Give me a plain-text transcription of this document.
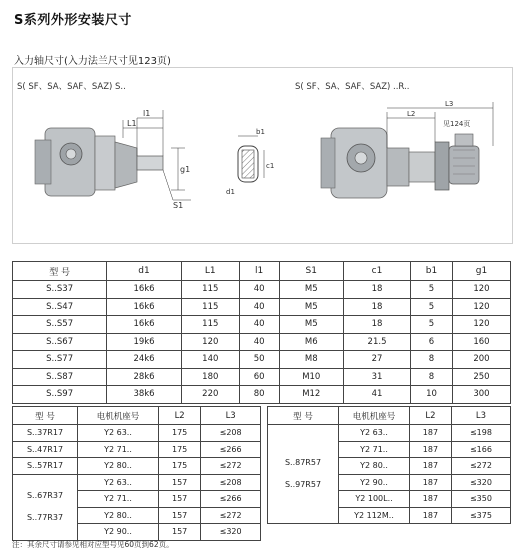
S系列外形安装尺寸
入力轴尺寸(入力法兰尺寸见123页)
S( SF、SA、SAF、SAZ) S..	S( SF、SA、SAF、SAZ) ..R..
l1
L1
g1
S1
b1
c1
d1
L2
L3
见124页
型 号	d1	L1	l1	S1	c1	b1	g1
S..S37	16k6	115	40	M5	18	5	120
S..S47	16k6	115	40	M5	18	5	120
S..S57	16k6	115	40	M5	18	5	120
S..S67	19k6	120	40	M6	21.5	6	160
S..S77	24k6	140	50	M8	27	8	200
S..S87	28k6	180	60	M10	31	8	250
S..S97	38k6	220	80	M12	41	10	300
型 号	电机机座号	L2	L3
S..37R17	Y2 63..	175	≤208
S..47R17	Y2 71..	175	≤266
S..57R17	Y2 80..	175	≤272

S..67R37
S..77R37	Y2 63..	157	≤208
	Y2 71..	157	≤266
	Y2 80..	157	≤272
	Y2 90..	157	≤320
型 号	电机机座号	L2	L3

S..87R57
S..97R57	Y2 63..	187	≤198
	Y2 71..	187	≤166
	Y2 80..	187	≤272
	Y2 90..	187	≤320
	Y2 100L..	187	≤350
	Y2 112M..	187	≤375
注：其余尺寸请参见相对应型号见60页到62页。
